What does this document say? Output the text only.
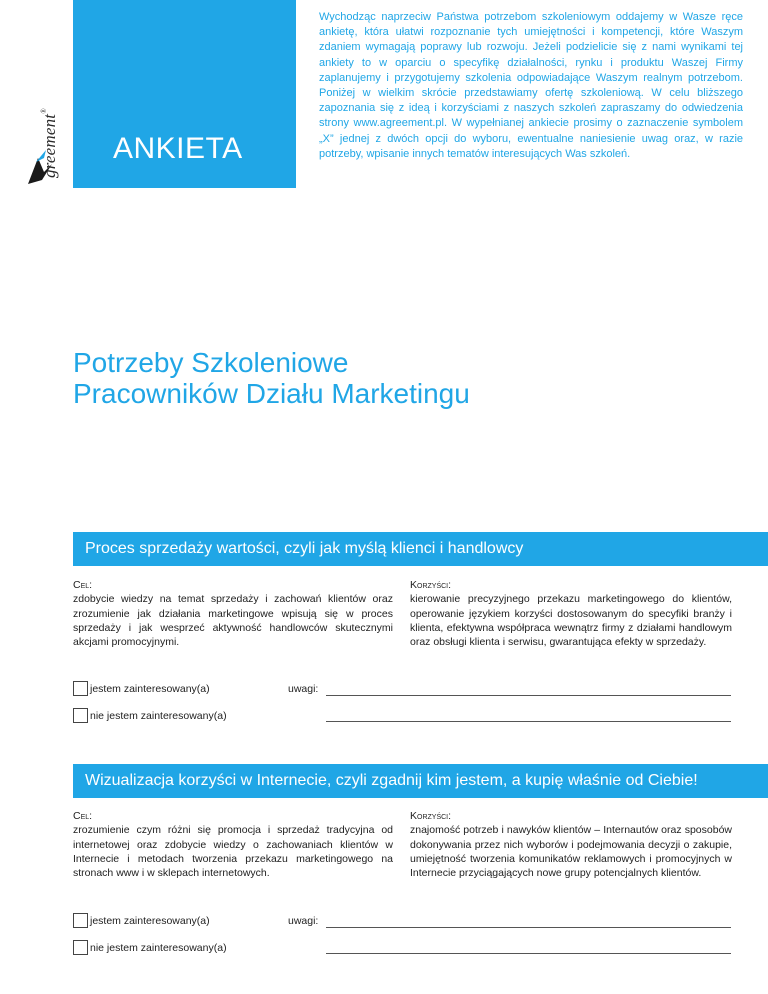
greement®
ANKIETA
Wychodząc naprzeciw Państwa potrzebom szkoleniowym oddajemy w Wasze ręce ankietę, która ułatwi rozpoznanie tych umiejętności i kompetencji, które Waszym zdaniem wymagają poprawy lub rozwoju. Jeżeli podzielicie się z nami wynikami tej ankiety to w oparciu o specyfikę działalności, rynku i produktu Waszej Firmy zaplanujemy i przygotujemy szkolenia odpowiadające Waszym realnym potrzebom. Poniżej w wielkim skrócie przedstawiamy ofertę szkoleniową. W celu bliższego zapoznania się z ideą i korzyściami z naszych szkoleń zapraszamy do odwiedzenia strony www.agreement.pl. W wypełnianej ankiecie prosimy o zaznaczenie symbolem „X” jednej z dwóch opcji do wyboru, ewentualne naniesienie uwag oraz, w razie potrzeby, wpisanie innych tematów interesujących Was szkoleń.
Potrzeby Szkoleniowe
Pracowników Działu Marketingu
Proces sprzedaży wartości, czyli jak myślą klienci i handlowcy
Cel:
zdobycie wiedzy na temat sprzedaży i zachowań klientów oraz zrozumienie jak działania marketingowe wpisują się w proces sprzedaży i jak wesprzeć aktywność handlowców skutecznymi akcjami promocyjnymi.
Korzyści:
kierowanie precyzyjnego przekazu marketingowego do klientów, operowanie językiem korzyści dostosowanym do specyfiki branży i klienta, efektywna współpraca wewnątrz firmy z działami handlowym oraz obsługi klienta i serwisu, gwarantująca efekty w sprzedaży.
jestem zainteresowany(a)
nie jestem zainteresowany(a)
uwagi:
Wizualizacja korzyści w Internecie, czyli zgadnij kim jestem, a kupię właśnie od Ciebie!
Cel:
zrozumienie czym różni się promocja i sprzedaż tradycyjna od internetowej oraz zdobycie wiedzy o zachowaniach klientów w Internecie i metodach tworzenia przekazu marketingowego na stronach www i w sklepach internetowych.
Korzyści:
znajomość potrzeb i nawyków klientów – Internautów oraz sposobów dokonywania przez nich wyborów i podejmowania decyzji o zakupie, umiejętność tworzenia komunikatów reklamowych i promocyjnych w Internecie przyciągających nowe grupy potencjalnych klientów.
jestem zainteresowany(a)
nie jestem zainteresowany(a)
uwagi:
